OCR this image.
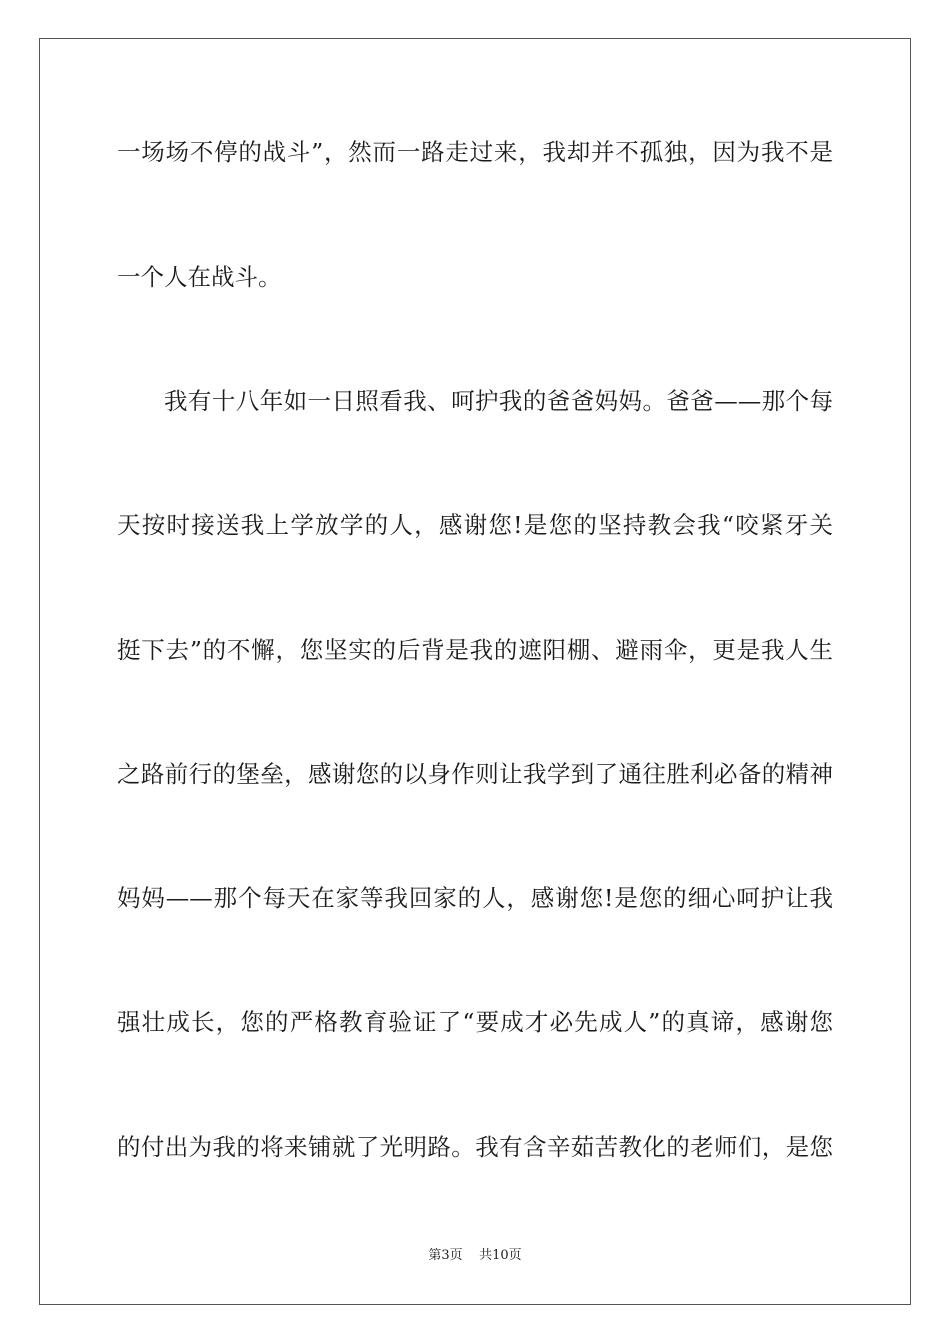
一场场不停的战斗”，然而一路走过来，我却并不孤独，因为我不是
一个人在战斗。
我有十八年如一日照看我、呵护我的爸爸妈妈。爸爸——那个每
天按时接送我上学放学的人，感谢您!是您的坚持教会我“咬紧牙关
挺下去”的不懈，您坚实的后背是我的遮阳棚、避雨伞，更是我人生
之路前行的堡垒，感谢您的以身作则让我学到了通往胜利必备的精神
妈妈——那个每天在家等我回家的人，感谢您!是您的细心呵护让我
强壮成长，您的严格教育验证了“要成才必先成人”的真谛，感谢您
的付出为我的将来铺就了光明路。我有含辛茹苦教化的老师们，是您
第3页 共10页
